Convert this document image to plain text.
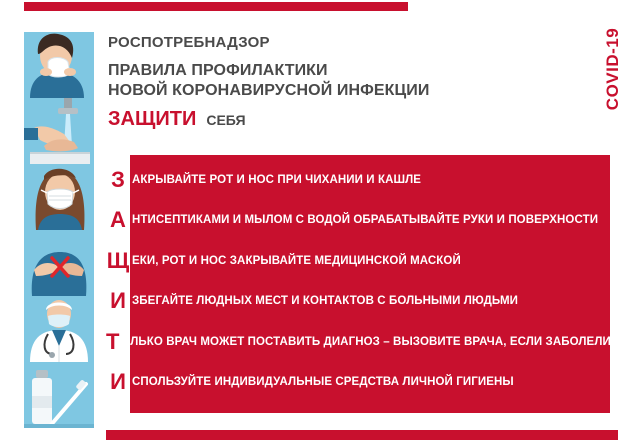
РОСПОТРЕБНАДЗОР
ПРАВИЛА ПРОФИЛАКТИКИ
НОВОЙ КОРОНАВИРУСНОЙ ИНФЕКЦИИ
ЗАЩИТИ СЕБЯ
COVID-19
З АКРЫВАЙТЕ РОТ И НОС ПРИ ЧИХАНИИ И КАШЛЕ
А НТИСЕПТИКАМИ И МЫЛОМ С ВОДОЙ ОБРАБАТЫВАЙТЕ РУКИ И ПОВЕРХНОСТИ
Щ ЕКИ, РОТ И НОС ЗАКРЫВАЙТЕ МЕДИЦИНСКОЙ МАСКОЙ
И ЗБЕГАЙТЕ ЛЮДНЫХ МЕСТ И КОНТАКТОВ С БОЛЬНЫМИ ЛЮДЬМИ
Т ОЛЬКО ВРАЧ МОЖЕТ ПОСТАВИТЬ ДИАГНОЗ – ВЫЗОВИТЕ ВРАЧА, ЕСЛИ ЗАБОЛЕЛИ
И СПОЛЬЗУЙТЕ ИНДИВИДУАЛЬНЫЕ СРЕДСТВА ЛИЧНОЙ ГИГИЕНЫ
